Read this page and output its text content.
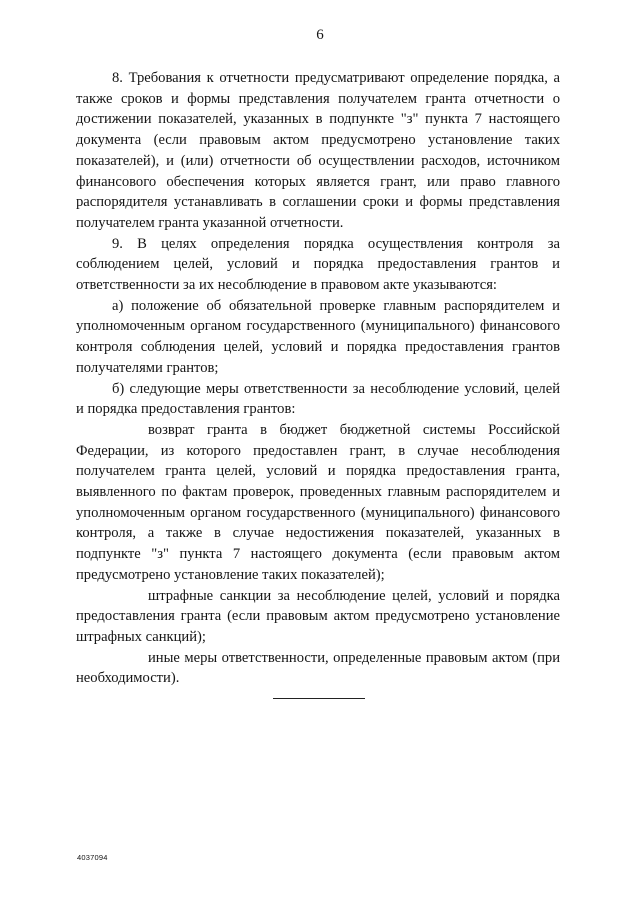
6

8. Требования к отчетности предусматривают определение порядка, а также сроков и формы представления получателем гранта отчетности о достижении показателей, указанных в подпункте "з" пункта 7 настоящего документа (если правовым актом предусмотрено установление таких показателей), и (или) отчетности об осуществлении расходов, источником финансового обеспечения которых является грант, или право главного распорядителя устанавливать в соглашении сроки и формы представления получателем гранта указанной отчетности.

9. В целях определения порядка осуществления контроля за соблюдением целей, условий и порядка предоставления грантов и ответственности за их несоблюдение в правовом акте указываются:

а) положение об обязательной проверке главным распорядителем и уполномоченным органом государственного (муниципального) финансового контроля соблюдения целей, условий и порядка предоставления грантов получателями грантов;

б) следующие меры ответственности за несоблюдение условий, целей и порядка предоставления грантов:

возврат гранта в бюджет бюджетной системы Российской Федерации, из которого предоставлен грант, в случае несоблюдения получателем гранта целей, условий и порядка предоставления гранта, выявленного по фактам проверок, проведенных главным распорядителем и уполномоченным органом государственного (муниципального) финансового контроля, а также в случае недостижения показателей, указанных в подпункте "з" пункта 7 настоящего документа (если правовым актом предусмотрено установление таких показателей);

штрафные санкции за несоблюдение целей, условий и порядка предоставления гранта (если правовым актом предусмотрено установление штрафных санкций);

иные меры ответственности, определенные правовым актом (при необходимости).

4037094
